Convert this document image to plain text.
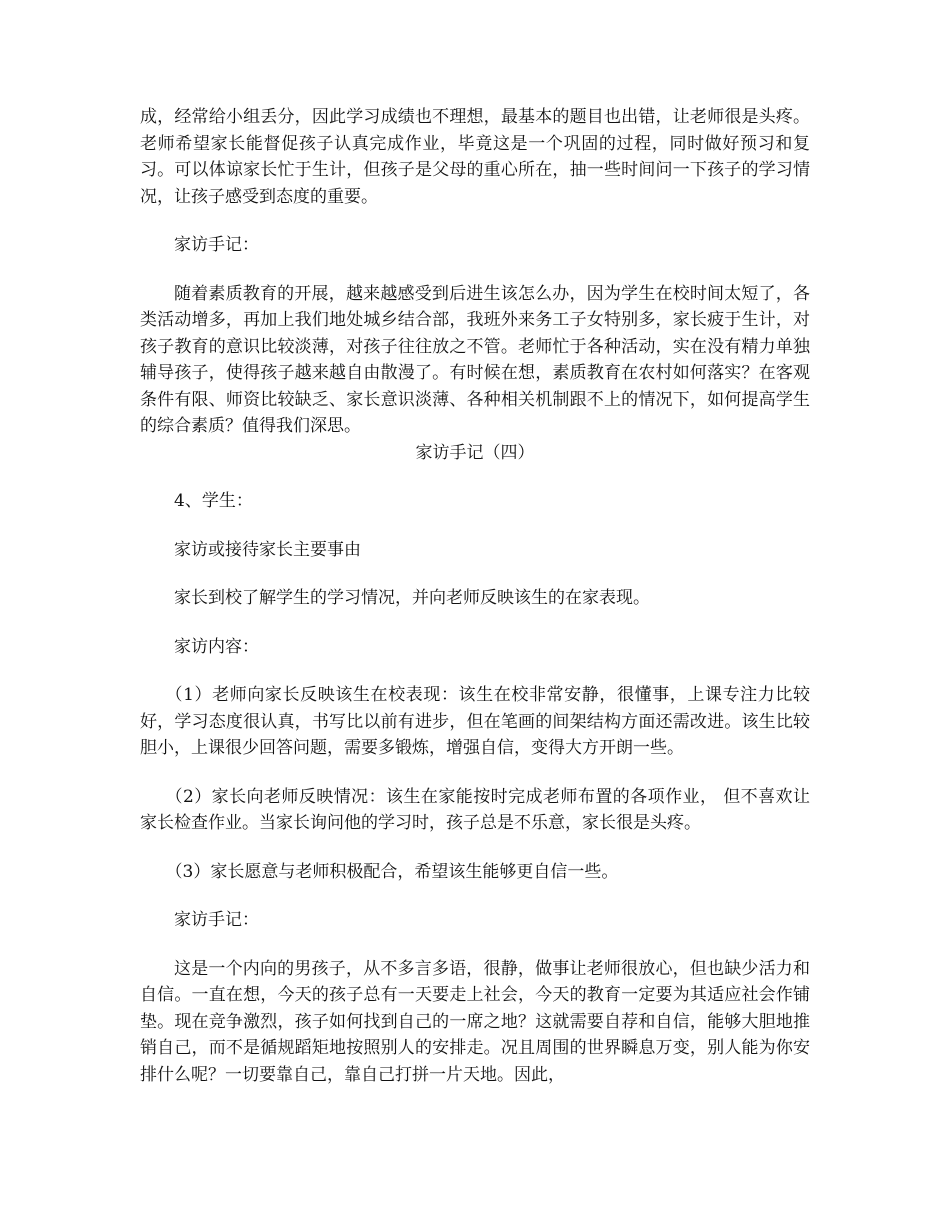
成，经常给小组丢分，因此学习成绩也不理想，最基本的题目也出错，让老师很是头疼。老师希望家长能督促孩子认真完成作业，毕竟这是一个巩固的过程，同时做好预习和复习。可以体谅家长忙于生计，但孩子是父母的重心所在，抽一些时间问一下孩子的学习情况，让孩子感受到态度的重要。

家访手记：

随着素质教育的开展，越来越感受到后进生该怎么办，因为学生在校时间太短了，各类活动增多，再加上我们地处城乡结合部，我班外来务工子女特别多，家长疲于生计，对孩子教育的意识比较淡薄，对孩子往往放之不管。老师忙于各种活动，实在没有精力单独辅导孩子，使得孩子越来越自由散漫了。有时候在想，素质教育在农村如何落实？在客观条件有限、师资比较缺乏、家长意识淡薄、各种相关机制跟不上的情况下，如何提高学生的综合素质？值得我们深思。

家访手记（四）

4、学生：

家访或接待家长主要事由

家长到校了解学生的学习情况，并向老师反映该生的在家表现。

家访内容：

（1）老师向家长反映该生在校表现：该生在校非常安静，很懂事，上课专注力比较好，学习态度很认真，书写比以前有进步，但在笔画的间架结构方面还需改进。该生比较胆小，上课很少回答问题，需要多锻炼，增强自信，变得大方开朗一些。

（2）家长向老师反映情况：该生在家能按时完成老师布置的各项作业， 但不喜欢让家长检查作业。当家长询问他的学习时，孩子总是不乐意，家长很是头疼。

（3）家长愿意与老师积极配合，希望该生能够更自信一些。

家访手记：

这是一个内向的男孩子，从不多言多语，很静，做事让老师很放心，但也缺少活力和自信。一直在想，今天的孩子总有一天要走上社会，今天的教育一定要为其适应社会作铺垫。现在竞争激烈，孩子如何找到自己的一席之地？这就需要自荐和自信，能够大胆地推销自己，而不是循规蹈矩地按照别人的安排走。况且周围的世界瞬息万变，别人能为你安排什么呢？一切要靠自己，靠自己打拼一片天地。因此，
